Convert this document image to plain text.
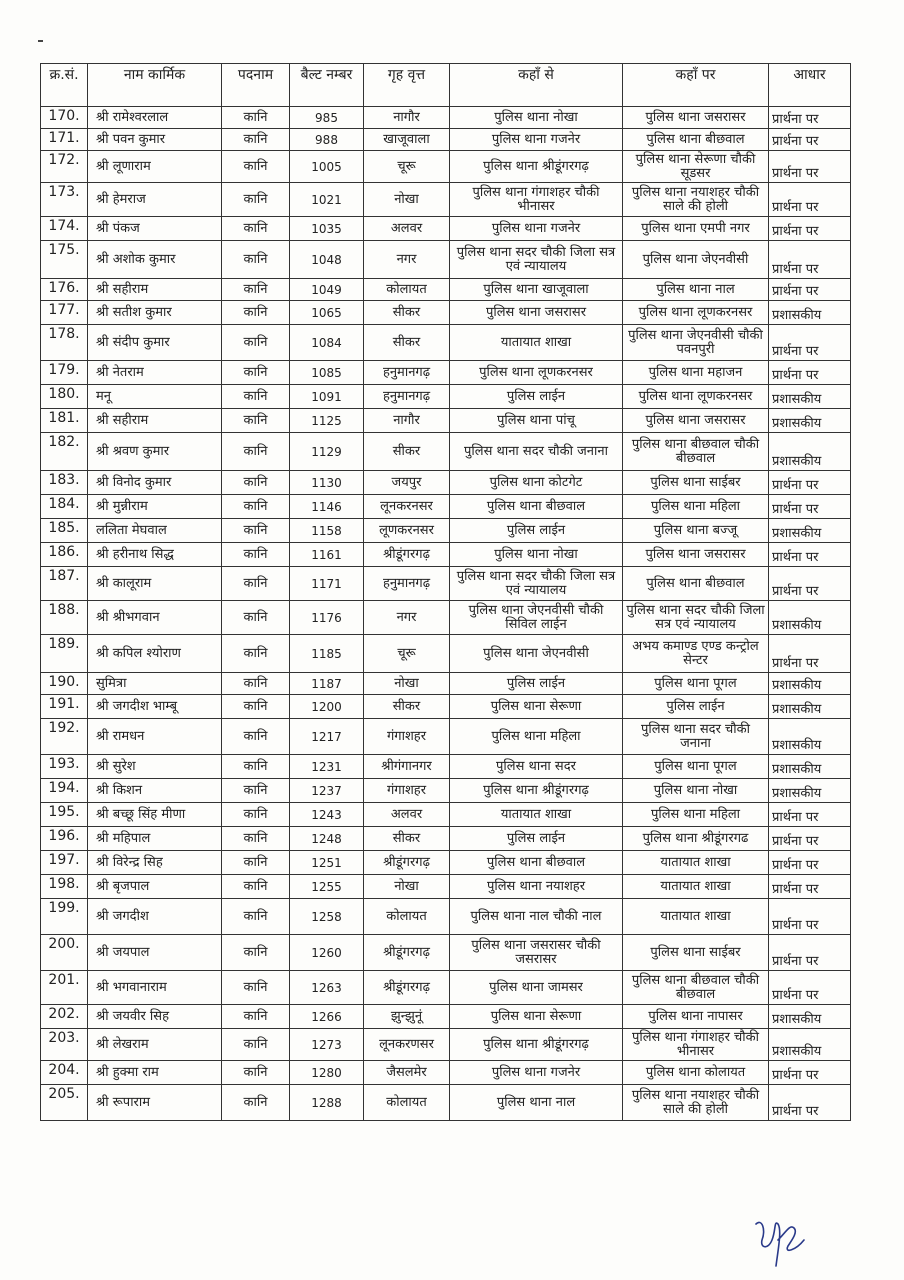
क्र.सं.	नाम कार्मिक	पदनाम	बैल्ट नम्बर	गृह वृत्त	कहाँ से	कहाँ पर	आधार
170.	श्री रामेश्वरलाल	कानि	985	नागौर	पुलिस थाना नोखा	पुलिस थाना जसरासर	प्रार्थना पर
171.	श्री पवन कुमार	कानि	988	खाजूवाला	पुलिस थाना गजनेर	पुलिस थाना बीछवाल	प्रार्थना पर
172.	श्री लूणाराम	कानि	1005	चूरू	पुलिस थाना श्रीडूंगरगढ़	पुलिस थाना सेरूणा चौकी सूडसर	प्रार्थना पर
173.	श्री हेमराज	कानि	1021	नोखा	पुलिस थाना गंगाशहर चौकी भीनासर	पुलिस थाना नयाशहर चौकी साले की होली	प्रार्थना पर
174.	श्री पंकज	कानि	1035	अलवर	पुलिस थाना गजनेर	पुलिस थाना एमपी नगर	प्रार्थना पर
175.	श्री अशोक कुमार	कानि	1048	नगर	पुलिस थाना सदर चौकी जिला सत्र एवं न्यायालय	पुलिस थाना जेएनवीसी	प्रार्थना पर
176.	श्री सहीराम	कानि	1049	कोलायत	पुलिस थाना खाजूवाला	पुलिस थाना नाल	प्रार्थना पर
177.	श्री सतीश कुमार	कानि	1065	सीकर	पुलिस थाना जसरासर	पुलिस थाना लूणकरनसर	प्रशासकीय
178.	श्री संदीप कुमार	कानि	1084	सीकर	यातायात शाखा	पुलिस थाना जेएनवीसी चौकी पवनपुरी	प्रार्थना पर
179.	श्री नेतराम	कानि	1085	हनुमानगढ़	पुलिस थाना लूणकरनसर	पुलिस थाना महाजन	प्रार्थना पर
180.	मनू	कानि	1091	हनुमानगढ़	पुलिस लाईन	पुलिस थाना लूणकरनसर	प्रशासकीय
181.	श्री सहीराम	कानि	1125	नागौर	पुलिस थाना पांचू	पुलिस थाना जसरासर	प्रशासकीय
182.	श्री श्रवण कुमार	कानि	1129	सीकर	पुलिस थाना सदर चौकी जनाना	पुलिस थाना बीछवाल चौकी बीछवाल	प्रशासकीय
183.	श्री विनोद कुमार	कानि	1130	जयपुर	पुलिस थाना कोटगेट	पुलिस थाना साईबर	प्रार्थना पर
184.	श्री मुन्नीराम	कानि	1146	लूनकरनसर	पुलिस थाना बीछवाल	पुलिस थाना महिला	प्रार्थना पर
185.	ललिता मेघवाल	कानि	1158	लूणकरनसर	पुलिस लाईन	पुलिस थाना बज्जू	प्रशासकीय
186.	श्री हरीनाथ सिद्ध	कानि	1161	श्रीडूंगरगढ़	पुलिस थाना नोखा	पुलिस थाना जसरासर	प्रार्थना पर
187.	श्री कालूराम	कानि	1171	हनुमानगढ़	पुलिस थाना सदर चौकी जिला सत्र एवं न्यायालय	पुलिस थाना बीछवाल	प्रार्थना पर
188.	श्री श्रीभगवान	कानि	1176	नगर	पुलिस थाना जेएनवीसी चौकी सिविल लाईन	पुलिस थाना सदर चौकी जिला सत्र एवं न्यायालय	प्रशासकीय
189.	श्री कपिल श्योराण	कानि	1185	चूरू	पुलिस थाना जेएनवीसी	अभय कमाण्ड एण्ड कन्ट्रोल सेन्टर	प्रार्थना पर
190.	सुमित्रा	कानि	1187	नोखा	पुलिस लाईन	पुलिस थाना पूगल	प्रशासकीय
191.	श्री जगदीश भाम्बू	कानि	1200	सीकर	पुलिस थाना सेरूणा	पुलिस लाईन	प्रशासकीय
192.	श्री रामधन	कानि	1217	गंगाशहर	पुलिस थाना महिला	पुलिस थाना सदर चौकी जनाना	प्रशासकीय
193.	श्री सुरेश	कानि	1231	श्रीगंगानगर	पुलिस थाना सदर	पुलिस थाना पूगल	प्रशासकीय
194.	श्री किशन	कानि	1237	गंगाशहर	पुलिस थाना श्रीडूंगरगढ़	पुलिस थाना नोखा	प्रशासकीय
195.	श्री बच्छू सिंह मीणा	कानि	1243	अलवर	यातायात शाखा	पुलिस थाना महिला	प्रार्थना पर
196.	श्री महिपाल	कानि	1248	सीकर	पुलिस लाईन	पुलिस थाना श्रीडूंगरगढ	प्रार्थना पर
197.	श्री विरेन्द्र सिह	कानि	1251	श्रीडूंगरगढ़	पुलिस थाना बीछवाल	यातायात शाखा	प्रार्थना पर
198.	श्री बृजपाल	कानि	1255	नोखा	पुलिस थाना नयाशहर	यातायात शाखा	प्रार्थना पर
199.	श्री जगदीश	कानि	1258	कोलायत	पुलिस थाना नाल चौकी नाल	यातायात शाखा	प्रार्थना पर
200.	श्री जयपाल	कानि	1260	श्रीडूंगरगढ़	पुलिस थाना जसरासर चौकी जसरासर	पुलिस थाना साईबर	प्रार्थना पर
201.	श्री भगवानाराम	कानि	1263	श्रीडूंगरगढ़	पुलिस थाना जामसर	पुलिस थाना बीछवाल चौकी बीछवाल	प्रार्थना पर
202.	श्री जयवीर सिह	कानि	1266	झुन्झुनूं	पुलिस थाना सेरूणा	पुलिस थाना नापासर	प्रशासकीय
203.	श्री लेखराम	कानि	1273	लूनकरणसर	पुलिस थाना श्रीडूंगरगढ़	पुलिस थाना गंगाशहर चौकी भीनासर	प्रशासकीय
204.	श्री हुक्मा राम	कानि	1280	जैसलमेर	पुलिस थाना गजनेर	पुलिस थाना कोलायत	प्रार्थना पर
205.	श्री रूपाराम	कानि	1288	कोलायत	पुलिस थाना नाल	पुलिस थाना नयाशहर चौकी साले की होली	प्रार्थना पर
